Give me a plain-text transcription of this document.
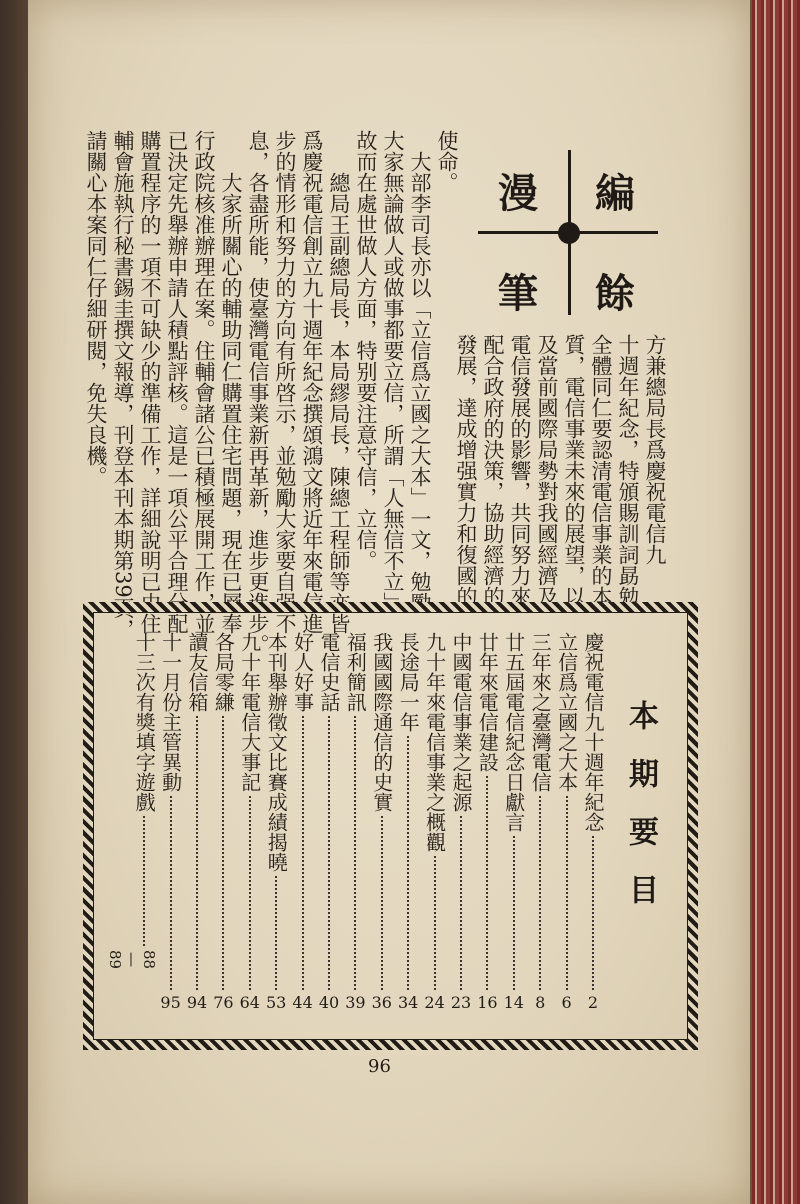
編
餘
漫
筆
方兼總局長爲慶祝電信九
十週年紀念，特頒賜訓詞勗勉
全體同仁要認清電信事業的本
質，電信事業未來的展望，以
及當前國際局勢對我國經濟及
電信發展的影響，共同努力來
配合政府的決策，協助經濟的
發展，達成增强實力和復國的
使命。
大部李司長亦以「立信爲立國之大本」一文，勉勵
大家無論做人或做事都要立信，所謂「人無信不立」，
故而在處世做人方面，特别要注意守信，立信。
總局王副總局長，本局繆局長，陳總工程師等亦皆
爲慶祝電信創立九十週年紀念撰頌鴻文將近年來電信進
步的情形和努力的方向有所啓示，並勉勵大家要自强不
息，各盡所能，使臺灣電信事業新再革新，進步更進步。
大家所關心的輔助同仁購置住宅問題，現在已層奉
行政院核准辦理在案。住輔會諸公已積極展開工作，並
已決定先舉辦申請人積點評核。這是一項公平合理分配
購置程序的一項不可缺少的準備工作，詳細說明已由住
輔會施執行秘書錫圭撰文報導，刊登本刊本期第39頁，
請關心本案同仁仔細研閱，免失良機。
本期要目
慶祝電信九十週年紀念
2
立信爲立國之大本
6
三年來之臺灣電信
8
廿五屆電信紀念日獻言
14
廿年來電信建設
16
中國電信事業之起源
23
九十年來電信事業之概觀
24
長途局一年
34
我國國際通信的史實
36
福利簡訊
39
電信史話
40
好人好事
44
本刊舉辦徵文比賽成績揭曉
53
九十年電信大事記
64
各局零縑
76
讀友信箱
94
十一月份主管異動
95
十三次有獎填字遊戲
88—89
96
